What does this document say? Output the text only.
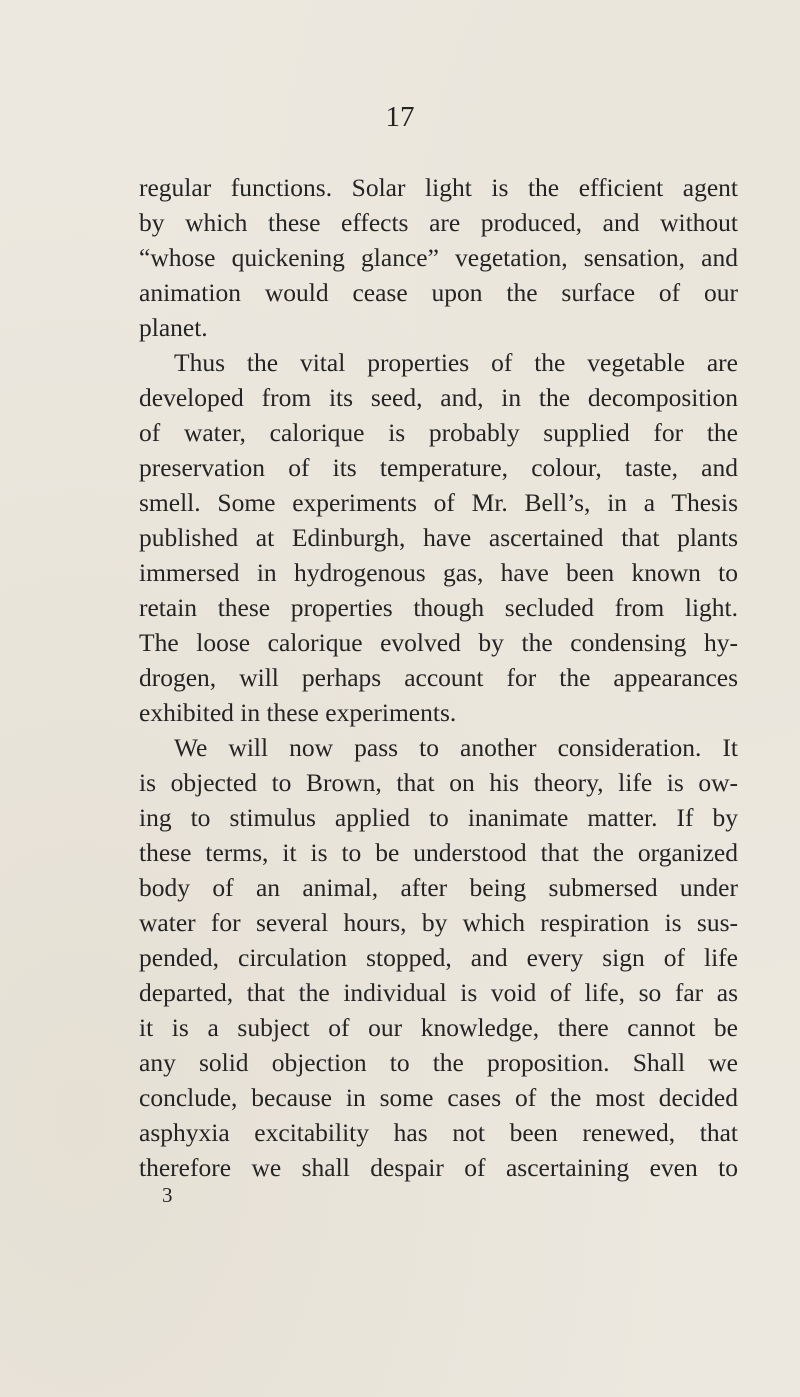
17
regular functions. Solar light is the efficient agent
by which these effects are produced, and without
“whose quickening glance” vegetation, sensation, and
animation would cease upon the surface of our
planet.
Thus the vital properties of the vegetable are
developed from its seed, and, in the decomposition
of water, calorique is probably supplied for the
preservation of its temperature, colour, taste, and
smell. Some experiments of Mr. Bell’s, in a Thesis
published at Edinburgh, have ascertained that plants
immersed in hydrogenous gas, have been known to
retain these properties though secluded from light.
The loose calorique evolved by the condensing hy-
drogen, will perhaps account for the appearances
exhibited in these experiments.
We will now pass to another consideration. It
is objected to Brown, that on his theory, life is ow-
ing to stimulus applied to inanimate matter. If by
these terms, it is to be understood that the organized
body of an animal, after being submersed under
water for several hours, by which respiration is sus-
pended, circulation stopped, and every sign of life
departed, that the individual is void of life, so far as
it is a subject of our knowledge, there cannot be
any solid objection to the proposition. Shall we
conclude, because in some cases of the most decided
asphyxia excitability has not been renewed, that
therefore we shall despair of ascertaining even to
3
